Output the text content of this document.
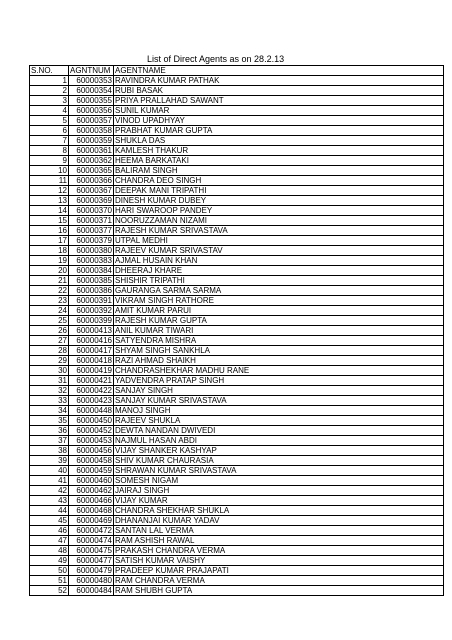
List of Direct Agents as on 28.2.13
S.NO.	AGNTNUM	AGENTNAME
1	60000353	RAVINDRA KUMAR PATHAK
2	60000354	RUBI BASAK
3	60000355	PRIYA PRALLAHAD SAWANT
4	60000356	SUNIL KUMAR
5	60000357	VINOD UPADHYAY
6	60000358	PRABHAT KUMAR GUPTA
7	60000359	SHUKLA DAS
8	60000361	KAMLESH THAKUR
9	60000362	HEEMA BARKATAKI
10	60000365	BALIRAM SINGH
11	60000366	CHANDRA DEO SINGH
12	60000367	DEEPAK MANI TRIPATHI
13	60000369	DINESH KUMAR DUBEY
14	60000370	HARI SWAROOP PANDEY
15	60000371	NOORUZZAMAN NIZAMI
16	60000377	RAJESH KUMAR SRIVASTAVA
17	60000379	UTPAL MEDHI
18	60000380	RAJEEV KUMAR SRIVASTAV
19	60000383	AJMAL HUSAIN KHAN
20	60000384	DHEERAJ KHARE
21	60000385	SHISHIR TRIPATHI
22	60000386	GAURANGA SARMA SARMA
23	60000391	VIKRAM SINGH RATHORE
24	60000392	AMIT KUMAR PARUI
25	60000399	RAJESH KUMAR GUPTA
26	60000413	ANIL KUMAR TIWARI
27	60000416	SATYENDRA MISHRA
28	60000417	SHYAM SINGH SANKHLA
29	60000418	RAZI AHMAD SHAIKH
30	60000419	CHANDRASHEKHAR MADHU RANE
31	60000421	YADVENDRA PRATAP SINGH
32	60000422	SANJAY SINGH
33	60000423	SANJAY KUMAR SRIVASTAVA
34	60000448	MANOJ SINGH
35	60000450	RAJEEV SHUKLA
36	60000452	DEWTA NANDAN DWIVEDI
37	60000453	NAJMUL HASAN ABDI
38	60000456	VIJAY SHANKER KASHYAP
39	60000458	SHIV KUMAR CHAURASIA
40	60000459	SHRAWAN KUMAR SRIVASTAVA
41	60000460	SOMESH NIGAM
42	60000462	JAIRAJ SINGH
43	60000466	VIJAY KUMAR
44	60000468	CHANDRA SHEKHAR SHUKLA
45	60000469	DHANANJAI KUMAR YADAV
46	60000472	SANTAN LAL VERMA
47	60000474	RAM ASHISH RAWAL
48	60000475	PRAKASH CHANDRA VERMA
49	60000477	SATISH KUMAR VAISHY
50	60000479	PRADEEP KUMAR PRAJAPATI
51	60000480	RAM CHANDRA VERMA
52	60000484	RAM SHUBH GUPTA
